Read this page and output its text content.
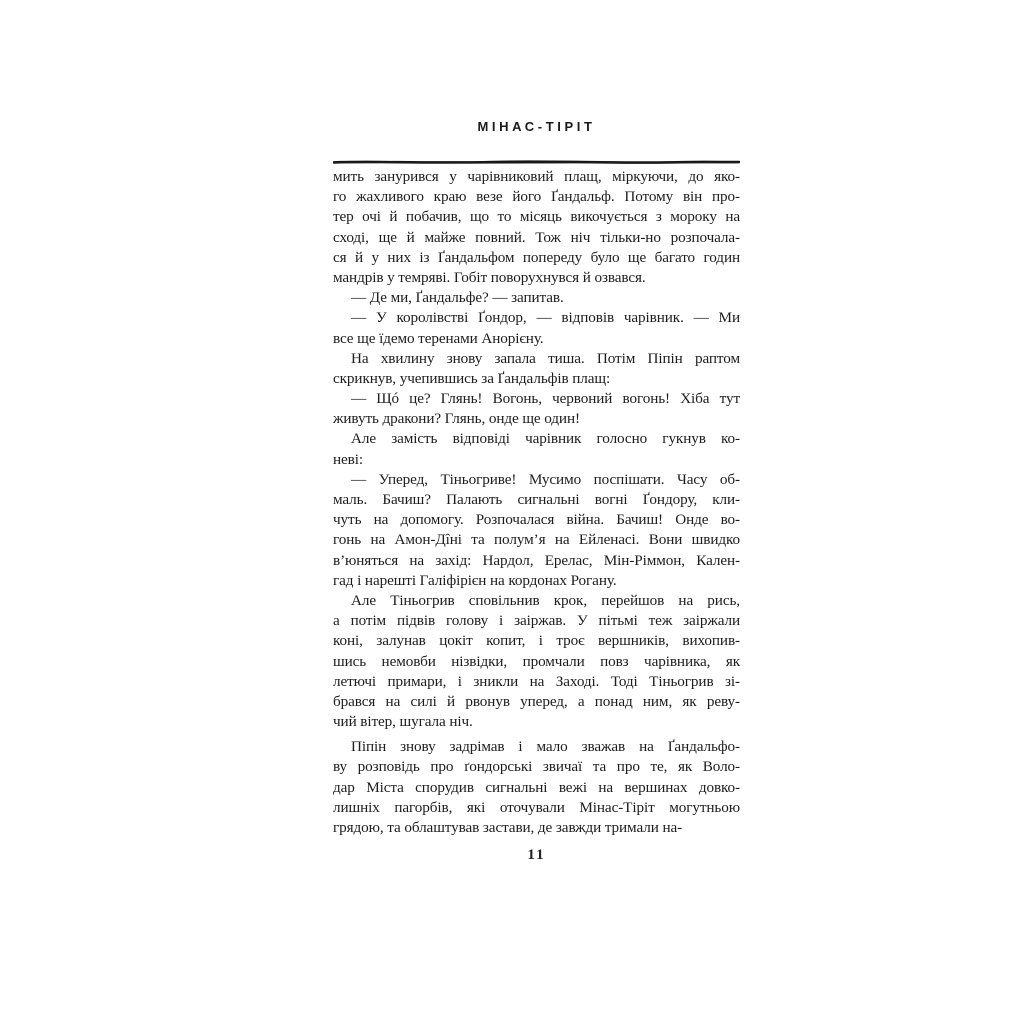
МІНАС-ТІРІТ

мить занурився у чарівниковий плащ, міркуючи, до яко-
го жахливого краю везе його Ґандальф. Потому він про-
тер очі й побачив, що то місяць викочується з мороку на
сході, ще й майже повний. Тож ніч тільки-но розпочала-
ся й у них із Ґандальфом попереду було ще багато годин
мандрів у темряві. Гобіт поворухнувся й озвався.

— Де ми, Ґандальфе? — запитав.

— У королівстві Ґондор, — відповів чарівник. — Ми
все ще їдемо теренами Анорієну.

На хвилину знову запала тиша. Потім Піпін раптом
скрикнув, учепившись за Ґандальфів плащ:

— Щó це? Глянь! Вогонь, червоний вогонь! Хіба тут
живуть дракони? Глянь, онде ще один!

Але замість відповіді чарівник голосно гукнув ко-
неві:

— Уперед, Тіньогриве! Мусимо поспішати. Часу об-
маль. Бачиш? Палають сигнальні вогні Ґондору, кли-
чуть на допомогу. Розпочалася війна. Бачиш! Онде во-
гонь на Амон-Дîні та полум’я на Ейленасі. Вони швидко
в’юняться на захід: Нардол, Ерелас, Мін-Ріммон, Кален-
гад і нарешті Галіфірієн на кордонах Рогану.

Але Тіньогрив сповільнив крок, перейшов на рись,
а потім підвів голову і заіржав. У пітьмі теж заіржали
коні, залунав цокіт копит, і троє вершників, вихопив-
шись немовби нізвідки, промчали повз чарівника, як
летючі примари, і зникли на Заході. Тоді Тіньогрив зі-
брався на силі й рвонув уперед, а понад ним, як реву-
чий вітер, шугала ніч.

Піпін знову задрімав і мало зважав на Ґандальфо-
ву розповідь про ґондорські звичаї та про те, як Воло-
дар Міста спорудив сигнальні вежі на вершинах довко-
лишніх пагорбів, які оточували Мінас-Тіріт могутньою
грядою, та облаштував застави, де завжди тримали на-

11
